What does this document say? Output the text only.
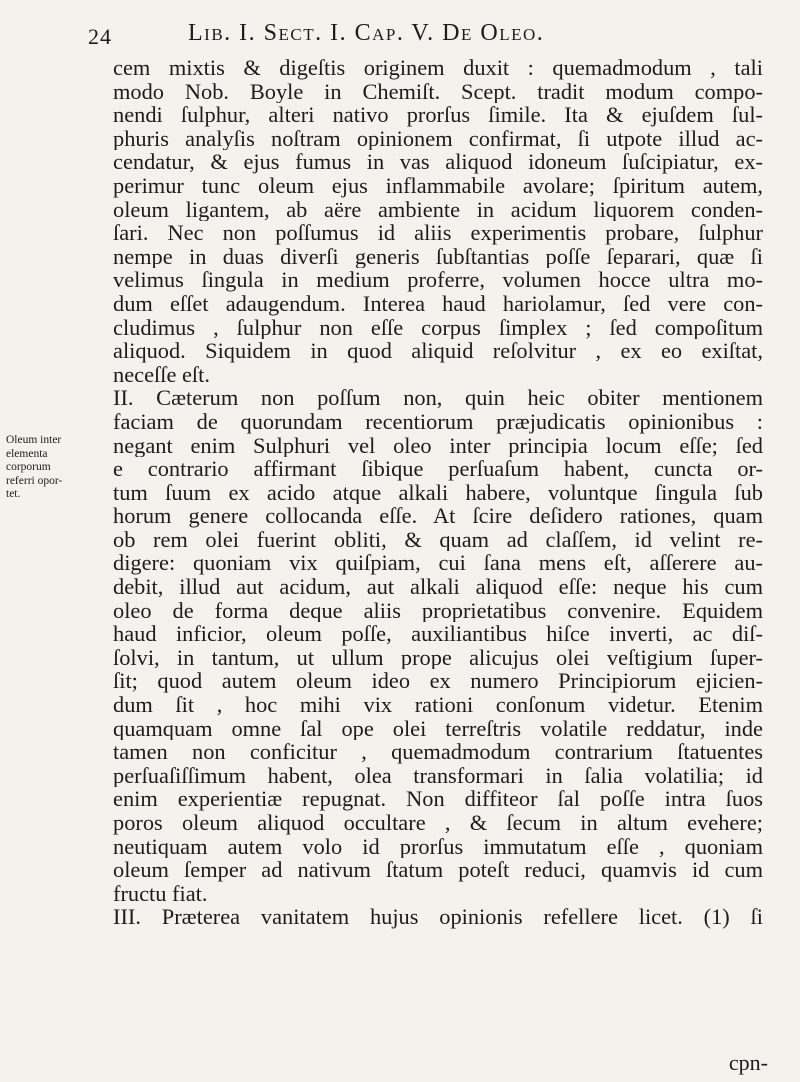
24	Lib. I. Sect. I. Cap. V. De Oleo.
Oleum inter
elementa
corporum
referri opor-
tet.
cem mixtis & digeſtis originem duxit : quemadmodum , tali
modo Nob. Boyle in Chemiſt. Scept. tradit modum compo-
nendi ſulphur, alteri nativo prorſus ſimile. Ita & ejuſdem ſul-
phuris analyſis noſtram opinionem confirmat, ſi utpote illud ac-
cendatur, & ejus fumus in vas aliquod idoneum ſuſcipiatur, ex-
perimur tunc oleum ejus inflammabile avolare; ſpiritum autem,
oleum ligantem, ab aëre ambiente in acidum liquorem conden-
ſari. Nec non poſſumus id aliis experimentis probare, ſulphur
nempe in duas diverſi generis ſubſtantias poſſe ſeparari, quæ ſi
velimus ſingula in medium proferre, volumen hocce ultra mo-
dum eſſet adaugendum. Interea haud hariolamur, ſed vere con-
cludimus , ſulphur non eſſe corpus ſimplex ; ſed compoſitum
aliquod. Siquidem in quod aliquid reſolvitur , ex eo exiſtat,
neceſſe eſt.
II. Cæterum non poſſum non, quin heic obiter mentionem
faciam de quorundam recentiorum præjudicatis opinionibus :
negant enim Sulphuri vel oleo inter principia locum eſſe; ſed
e contrario affirmant ſibique perſuaſum habent, cuncta or-
tum ſuum ex acido atque alkali habere, voluntque ſingula ſub
horum genere collocanda eſſe. At ſcire deſidero rationes, quam
ob rem olei fuerint obliti, & quam ad claſſem, id velint re-
digere: quoniam vix quiſpiam, cui ſana mens eſt, aſſerere au-
debit, illud aut acidum, aut alkali aliquod eſſe: neque his cum
oleo de forma deque aliis proprietatibus convenire. Equidem
haud inficior, oleum poſſe, auxiliantibus hiſce inverti, ac diſ-
ſolvi, in tantum, ut ullum prope alicujus olei veſtigium ſuper-
ſit; quod autem oleum ideo ex numero Principiorum ejicien-
dum ſit , hoc mihi vix rationi conſonum videtur. Etenim
quamquam omne ſal ope olei terreſtris volatile reddatur, inde
tamen non conficitur , quemadmodum contrarium ſtatuentes
perſuaſiſſimum habent, olea transformari in ſalia volatilia; id
enim experientiæ repugnat. Non diffiteor ſal poſſe intra ſuos
poros oleum aliquod occultare , & ſecum in altum evehere;
neutiquam autem volo id prorſus immutatum eſſe , quoniam
oleum ſemper ad nativum ſtatum poteſt reduci, quamvis id cum
fructu fiat.
III. Præterea vanitatem hujus opinionis refellere licet. (1) ſi
cpn-
